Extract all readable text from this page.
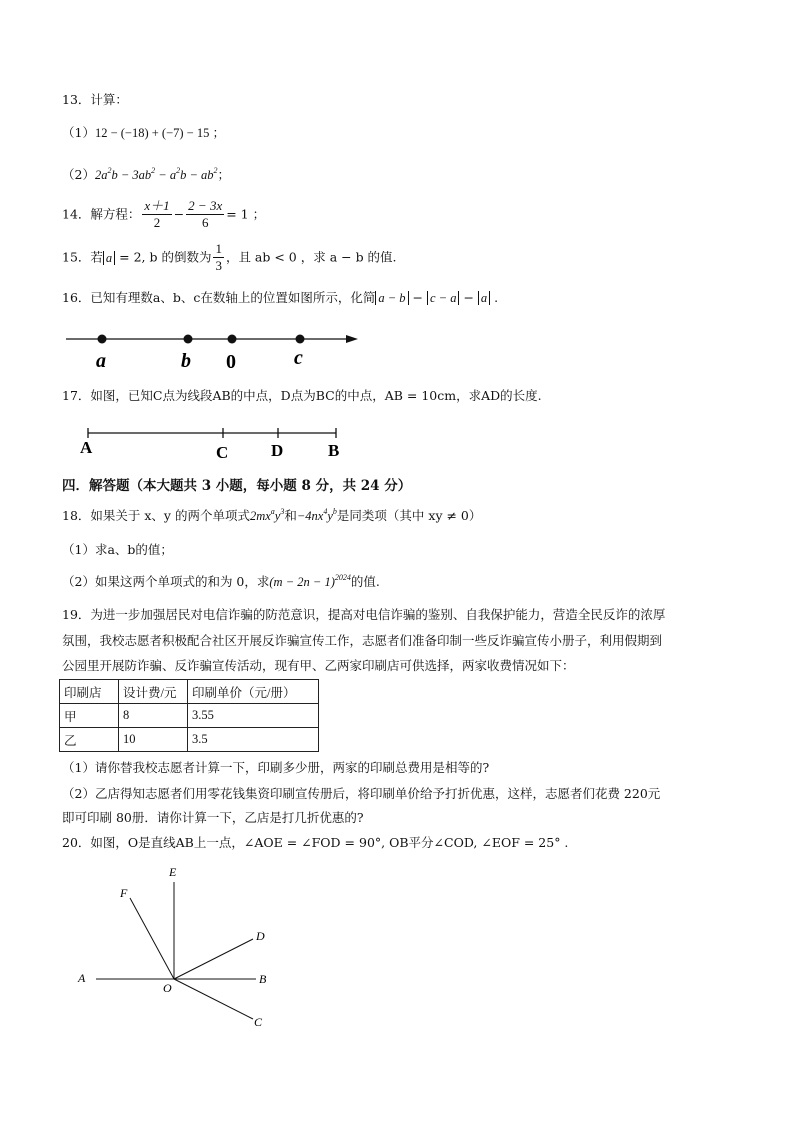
13．计算：
（1）12 − (−18) + (−7) − 15 ；
$(2)2a^2b - 3ab^2 - a^2b - ab^2$；
14．解方程： $\frac{x+1}{2} - \frac{2 - 3x}{6} = 1$ ；
15．若 a = 2, b 的倒数为 $\frac{1}{3}$ ，且 ab < 0 ，求 a − b 的值.
16．已知有理数a、b、c在数轴上的位置如图所示，化简 a − b − c − a − a .
a	b 0	c
17．如图，已知C点为线段AB的中点，D点为BC的中点，AB = 10cm，求AD的长度.
A	C	D	B
四．解答题（本大题共 3 小题，每小题 8 分，共 24 分）
18．如果关于 x、y 的两个单项式$2mx^ay^3$和$-4nx^4y^b$是同类项（其中 xy ≠ 0）
（1）求a、b的值；
（2）如果这两个单项式的和为 0，求$(m - 2n - 1)^{2024}$的值.
19．为进一步加强居民对电信诈骗的防范意识，提高对电信诈骗的鉴别、自我保护能力，营造全民反诈的浓厚
氛围，我校志愿者积极配合社区开展反诈骗宣传工作，志愿者们准备印制一些反诈骗宣传小册子，利用假期到
公园里开展防诈骗、反诈骗宣传活动，现有甲、乙两家印刷店可供选择，两家收费情况如下：
印刷店	设计费/元	印刷单价（元/册）
甲	8	3.55
乙	10	3.5
（1）请你替我校志愿者计算一下，印刷多少册，两家的印刷总费用是相等的?
（2）乙店得知志愿者们用零花钱集资印刷宣传册后，将印刷单价给予打折优惠，这样，志愿者们花费 220元
即可印刷 80册．请你计算一下，乙店是打几折优惠的?
20．如图，O是直线AB上一点，∠AOE = ∠FOD = 90°, OB平分∠COD, ∠EOF = 25° .
E
F
D
A
O
B
C
